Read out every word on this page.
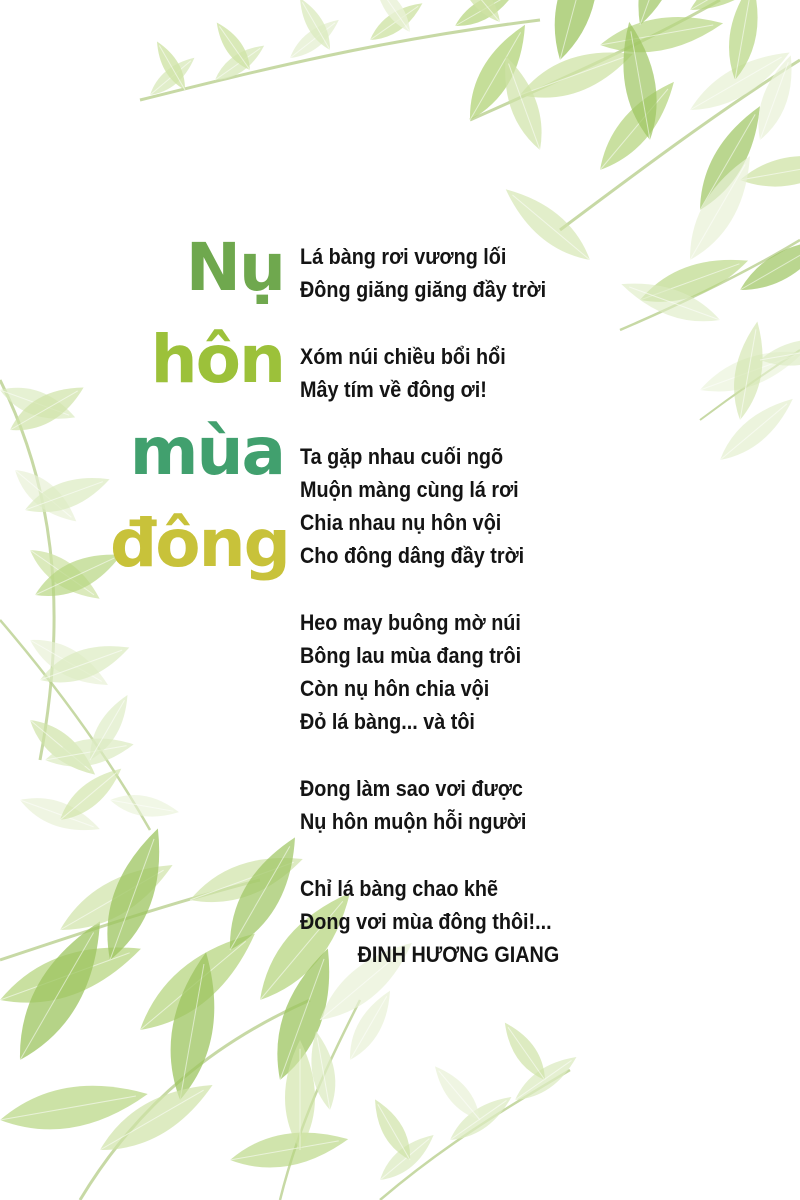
Nụ
hôn
mùa
đông
Lá bàng rơi vương lối
Đông giăng giăng đầy trời
Xóm núi chiều bổi hổi
Mây tím về đông ơi!
Ta gặp nhau cuối ngõ
Muộn màng cùng lá rơi
Chia nhau nụ hôn vội
Cho đông dâng đầy trời
Heo may buông mờ núi
Bông lau mùa đang trôi
Còn nụ hôn chia vội
Đỏ lá bàng... và tôi
Đong làm sao vơi được
Nụ hôn muộn hỗi người
Chỉ lá bàng chao khẽ
Đong vơi mùa đông thôi!...
ĐINH HƯƠNG GIANG
